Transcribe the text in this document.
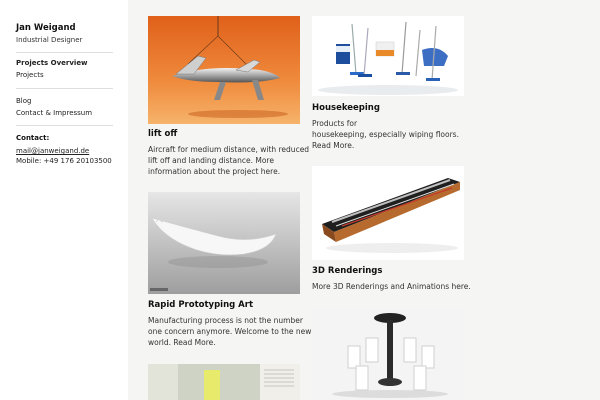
Jan Weigand
Industrial Designer
Projects Overview
Projects
Blog
Contact & Impressum
Contact:
mail@janweigand.de
Mobile: +49 176 20103500
lift off
Aircraft for medium distance, with reduced
lift off and landing distance. More
information about the project here.
Housekeeping
Products for
housekeeping, especially wiping floors.
Read More.
Rapid Prototyping Art
Manufacturing process is not the number
one concern anymore. Welcome to the new
world. Read More.
3D Renderings
More 3D Renderings and Animations here.
